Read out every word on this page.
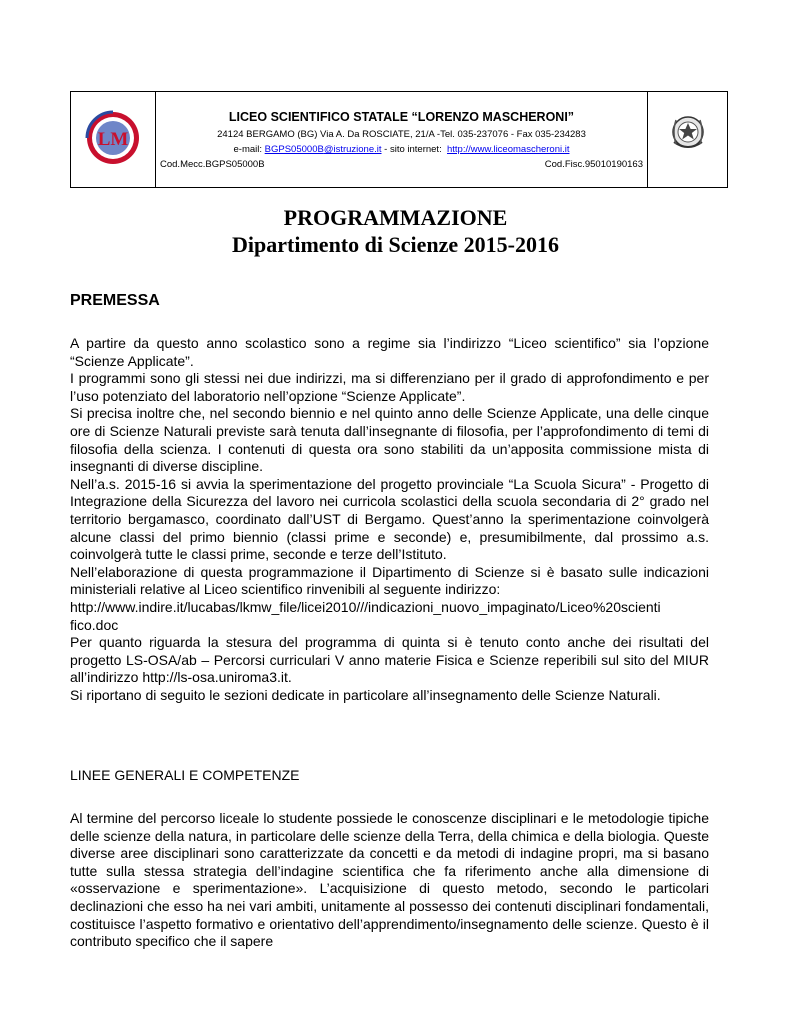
LM
LICEO SCIENTIFICO STATALE “LORENZO MASCHERONI”
24124 BERGAMO (BG) Via A. Da ROSCIATE, 21/A -Tel. 035-237076 - Fax 035-234283
e-mail: BGPS05000B@istruzione.it - sito internet: http://www.liceomascheroni.it
Cod.Mecc.BGPS05000B	Cod.Fisc.95010190163
PROGRAMMAZIONE
Dipartimento di Scienze 2015-2016
PREMESSA

A partire da questo anno scolastico sono a regime sia l’indirizzo “Liceo scientifico” sia l’opzione “Scienze Applicate”.

I programmi sono gli stessi nei due indirizzi, ma si differenziano per il grado di approfondimento e per l’uso potenziato del laboratorio nell’opzione “Scienze Applicate”.

Si precisa inoltre che, nel secondo biennio e nel quinto anno delle Scienze Applicate, una delle cinque ore di Scienze Naturali previste sarà tenuta dall’insegnante di filosofia, per l’approfondimento di temi di filosofia della scienza. I contenuti di questa ora sono stabiliti da un’apposita commissione mista di insegnanti di diverse discipline.

Nell’a.s. 2015-16 si avvia la sperimentazione del progetto provinciale “La Scuola Sicura” - Progetto di Integrazione della Sicurezza del lavoro nei curricola scolastici della scuola secondaria di 2° grado nel territorio bergamasco, coordinato dall’UST di Bergamo. Quest’anno la sperimentazione coinvolgerà alcune classi del primo biennio (classi prime e seconde) e, presumibilmente, dal prossimo a.s. coinvolgerà tutte le classi prime, seconde e terze dell’Istituto.

Nell’elaborazione di questa programmazione il Dipartimento di Scienze si è basato sulle indicazioni ministeriali relative al Liceo scientifico rinvenibili al seguente indirizzo:

http://www.indire.it/lucabas/lkmw_file/licei2010///indicazioni_nuovo_impaginato/Liceo%20scienti fico.doc

Per quanto riguarda la stesura del programma di quinta si è tenuto conto anche dei risultati del progetto LS-OSA/ab – Percorsi curriculari V anno materie Fisica e Scienze reperibili sul sito del MIUR all’indirizzo http://ls-osa.uniroma3.it.

Si riportano di seguito le sezioni dedicate in particolare all’insegnamento delle Scienze Naturali.

LINEE GENERALI E COMPETENZE

Al termine del percorso liceale lo studente possiede le conoscenze disciplinari e le metodologie tipiche delle scienze della natura, in particolare delle scienze della Terra, della chimica e della biologia. Queste diverse aree disciplinari sono caratterizzate da concetti e da metodi di indagine propri, ma si basano tutte sulla stessa strategia dell’indagine scientifica che fa riferimento anche alla dimensione di «osservazione e sperimentazione». L’acquisizione di questo metodo, secondo le particolari declinazioni che esso ha nei vari ambiti, unitamente al possesso dei contenuti disciplinari fondamentali, costituisce l’aspetto formativo e orientativo dell’apprendimento/insegnamento delle scienze. Questo è il contributo specifico che il sapere
